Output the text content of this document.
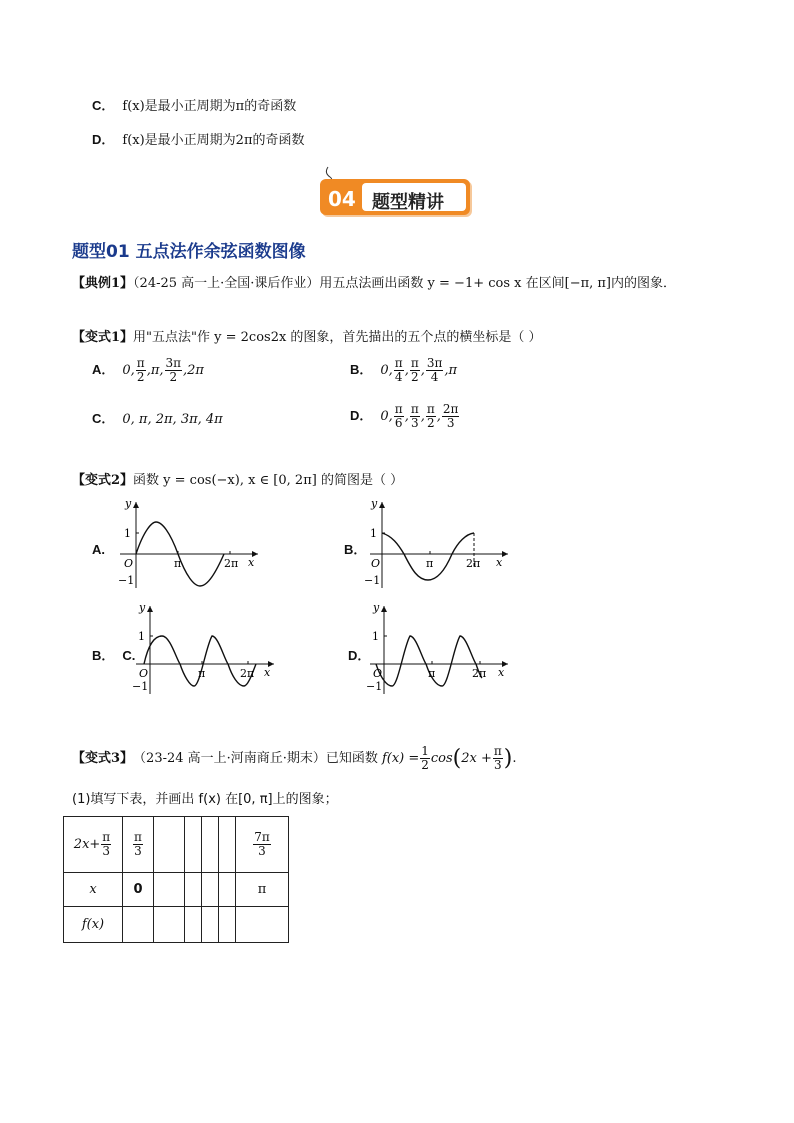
C． f(x)是最小正周期为π的奇函数
D． f(x)是最小正周期为2π的奇函数
04 题型精讲
题型01 五点法作余弦函数图像
【典例1】（24-25 高一上·全国·课后作业）用五点法画出函数 y = −1+ cos x 在区间[−π, π]内的图象．
【变式1】用"五点法"作 y = 2cos2x 的图象，首先描出的五个点的横坐标是（ ）
A． 0, $\frac{\pi}{2} ,\pi$, $\frac{3\pi}{2} ,2\pi$	B． 0, $\frac{\pi}{4}$ , $\frac{\pi}{2}$ , $\frac{3\pi}{4} ,\pi$
C． 0, π, 2π, 3π, 4π	D． 0, $\frac{\pi}{6}$ , $\frac{\pi}{3}$ , $\frac{\pi}{2}$ , $\frac{2\pi}{3}$
【变式2】函数 y = cos(−x), x ∈ [0, 2π] 的简图是（ ）
A.
y
1
−1
O	π	2π x
B．
y
1
−1
O	π	2π x
B． C.
y
1
−1
O	π	2π x
D．
y
1
−1
O	π	2π x
【变式3】 （23-24 高一上·河南商丘·期末） 已知函数 $f(x) = \frac{1}{2}$ cos ( $2x + \frac{\pi}{3}$ ) .
(1)填写下表，并画出 f(x) 在[0, π]上的图象；
$2x+ \frac{\pi}{3}$	$\frac{\pi}{3}$					$\frac{7\pi}{3}$

x	0					π
f(x)						
